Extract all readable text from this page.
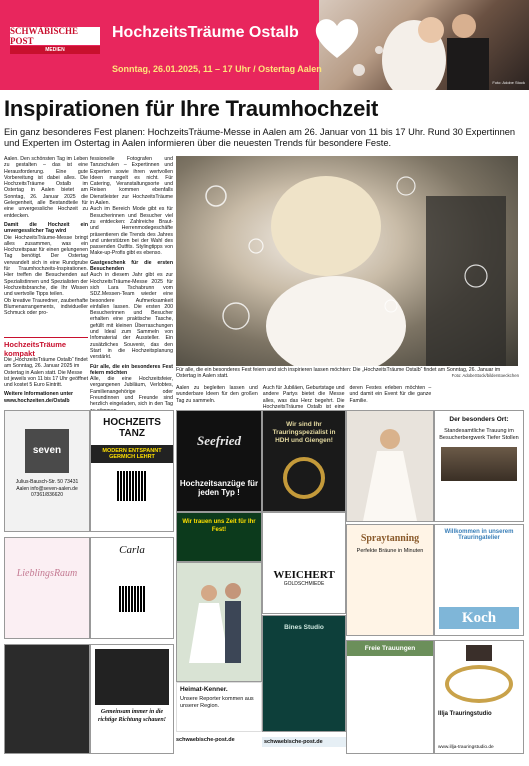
SCHWÄBISCHE POST
MEDIEN
HochzeitsTräume Ostalb
Sonntag, 26.01.2025, 11 – 17 Uhr / Ostertag Aalen
Foto: Adobe Stock
Inspirationen für Ihre Traumhochzeit
Ein ganz besonderes Fest planen: HochzeitsTräume-Messe in Aalen am 26. Januar von 11 bis 17 Uhr. Rund 30 Expertinnen und Experten im Ostertag in Aalen informieren über die neuesten Trends für besondere Feste.
Aalen. Den schönsten Tag im Leben zu gestalten – das ist eine Herausforderung. Eine gute Vorbereitung ist dabei alles. Die HochzeitsTräume Ostalb im Ostertag in Aalen bietet am Sonntag, 26. Januar 2025 die Gelegenheit, alle Bestandteile für eine unvergessliche Hochzeit zu entdecken.
Damit die Hochzeit ein unvergesslicher Tag wird
Die HochzeitsTräume-Messe bringt alles zusammen, was ein Hochzeitspaar für einen gelungenen Tag benötigt. Der Ostertag verwandelt sich in eine Rundgrube für Traumhochzeits-Inspirationen. Hier treffen die Besuchenden auf Spezialistinnen und Spezialisten der Hochzeitsbranche, die Ihr Wissen und wertvolle Tipps teilen.
Ob kreative Trauredner, zauberhafte Blumenarrangements, individueller Schmuck oder pro-
HochzeitsTräume kompakt
Die „HochzeitsTräume Ostalb“ findet am Sonntag, 26. Januar 2025 im Ostertag in Aalen statt. Die Messe ist jeweils von 11 bis 17 Uhr geöffnet und kostet 5 Euro Eintritt.
Weitere Informationen unter www.hochzeiten.de/Ostalb
fessionelle Fotografen und Tanzschulen – Expertinnen und Experten sowie ihren wertvollen Ideen mangelt es nicht. Für Catering, Veranstaltungsorte und Reisen kommen ebenfalls Dienstleister zur HochzeitsTräume in Aalen.
Auch im Bereich Mode gibt es für Besucherinnen und Besucher viel zu entdecken: Zahlreiche Braut- und Herrenmodegeschäfte präsentieren die Trends des Jahres und unterstützen bei der Wahl des passenden Outfits. Stylingtipps von Make-up-Profis gibt es ebenso.
Gastgeschenk für die ersten Besuchenden
Auch in diesem Jahr gibt es zur HochzeitsTräume-Messe 2025 für sich Lara Tschabrunn vom SDZ.Messen-Team wieder eine besondere Aufmerksamkeit einfallen lassen. Die ersten 200 Besucherinnen und Besucher erhalten eine praktische Tasche, gefüllt mit kleinen Überraschungen und Ideal zum Sammeln von Infomaterial der Aussteller. Ein zusätzliches Souvenir, das den Start in die Hochzeitsplanung verstärkt.
Für alle, die ein besonderes Fest feiern möchten
Alle, die eine Hochzeitsfeier, vergangenen Jubiläum, Verlobtes, Familienangehörige oder Freundinnen und Freunde sind herzlich eingeladen, sich in den Tag
Für alle, die ein besonderes Fest feiern und sich inspirieren lassen möchten: Die „HochzeitsTräume Ostalb“ findet am Sonntag, 26. Januar im Ostertag in Aalen statt.	Foto: AdobeStock/bilderstoeckchen
Aalen zu begleiten lassen und wunderbare Ideen für den großen Tag zu sammeln.
Auch für Jubiläen, Geburtstage und andere Partys bietet die Messe alles, was das Herz begehrt. Die HochzeitsTräume Ostalb ist eine
deren Festes erleben möchten – und damit ein Event für die ganze Familie.
seven
Julius-Bausch-Str. 50 73431 Aalen info@seven-aalen.de 07361/836620
HOCHZEITS TANZ
MODERN ENTSPANNT GERMICH LEHRT
Seefried
Hochzeitsanzüge für jeden Typ !
Wir sind Ihr Trauringspezialist in HDH und Giengen!
Der besonders Ort:
Standesamtliche Trauung im Besucherbergwerk Tiefer Stollen
LieblingsRaum
Carla
Wir trauen uns Zeit für Ihr Fest!
WEICHERT
GOLDSCHMIEDE
Spraytanning
Perfekte Bräune in Minuten
Willkommen in unserem Trauringatelier
Koch
Gemeinsam immer in die richtige Richtung schauen!
Heimat-Kenner.
Unsere Reporter kommen aus unserer Region.
schwaebische-post.de
Bines Studio
schwaebische-post.de
Freie Trauungen
Illja Trauringstudio
www.illja-trauringstudio.de
